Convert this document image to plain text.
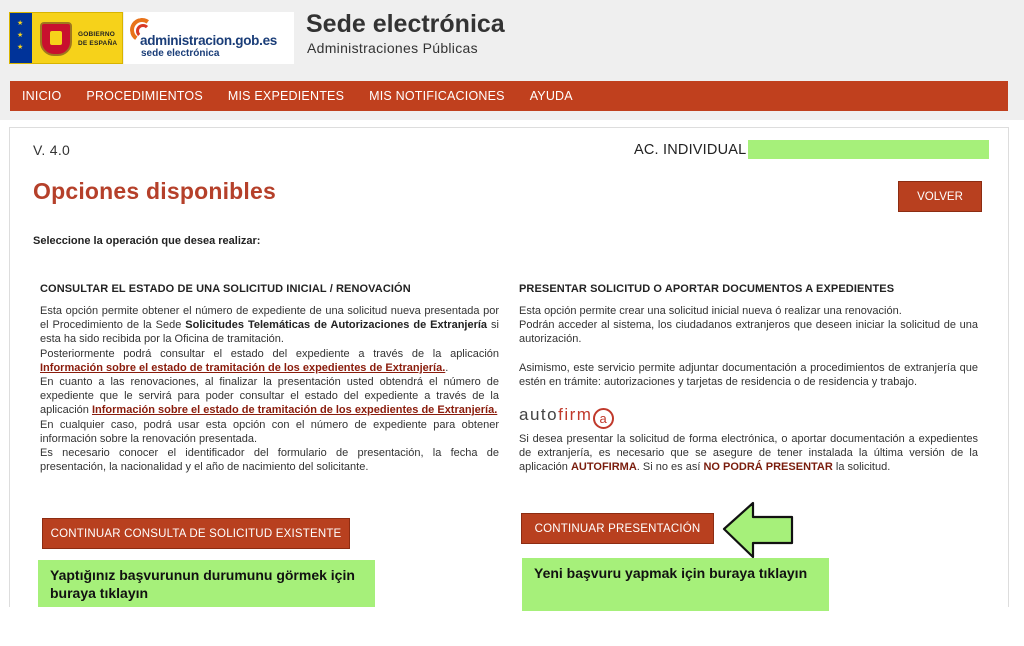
★
★
★
GOBIERNO
DE ESPAÑA administracion.gob.es
sede electrónica
Sede electrónica
Administraciones Públicas
INICIO PROCEDIMIENTOS MIS EXPEDIENTES MIS NOTIFICACIONES AYUDA
V. 4.0	AC. INDIVIDUAL
Opciones disponibles	VOLVER
Seleccione la operación que desea realizar:
CONSULTAR EL ESTADO DE UNA SOLICITUD INICIAL / RENOVACIÓN

Esta opción permite obtener el número de expediente de una solicitud nueva presentada por el Procedimiento de la Sede Solicitudes Telemáticas de Autorizaciones de Extranjería si esta ha sido recibida por la Oficina de tramitación.

Posteriormente podrá consultar el estado del expediente a través de la aplicación Información sobre el estado de tramitación de los expedientes de Extranjería..

En cuanto a las renovaciones, al finalizar la presentación usted obtendrá el número de expediente que le servirá para poder consultar el estado del expediente a través de la aplicación Información sobre el estado de tramitación de los expedientes de Extranjería.

En cualquier caso, podrá usar esta opción con el número de expediente para obtener información sobre la renovación presentada.

Es necesario conocer el identificador del formulario de presentación, la fecha de presentación, la nacionalidad y el año de nacimiento del solicitante.

CONTINUAR CONSULTA DE SOLICITUD EXISTENTE
Yaptığınız başvurunun durumunu görmek için buraya tıklayın
PRESENTAR SOLICITUD O APORTAR DOCUMENTOS A EXPEDIENTES

Esta opción permite crear una solicitud inicial nueva ó realizar una renovación.

Podrán acceder al sistema, los ciudadanos extranjeros que deseen iniciar la solicitud de una autorización.

Asimismo, este servicio permite adjuntar documentación a procedimientos de extranjería que estén en trámite: autorizaciones y tarjetas de residencia o de residencia y trabajo.

autofirm a

Si desea presentar la solicitud de forma electrónica, o aportar documentación a expedientes de extranjería, es necesario que se asegure de tener instalada la última versión de la aplicación AUTOFIRMA. Si no es así NO PODRÁ PRESENTAR la solicitud.

CONTINUAR PRESENTACIÓN
Yeni başvuru yapmak için buraya tıklayın
